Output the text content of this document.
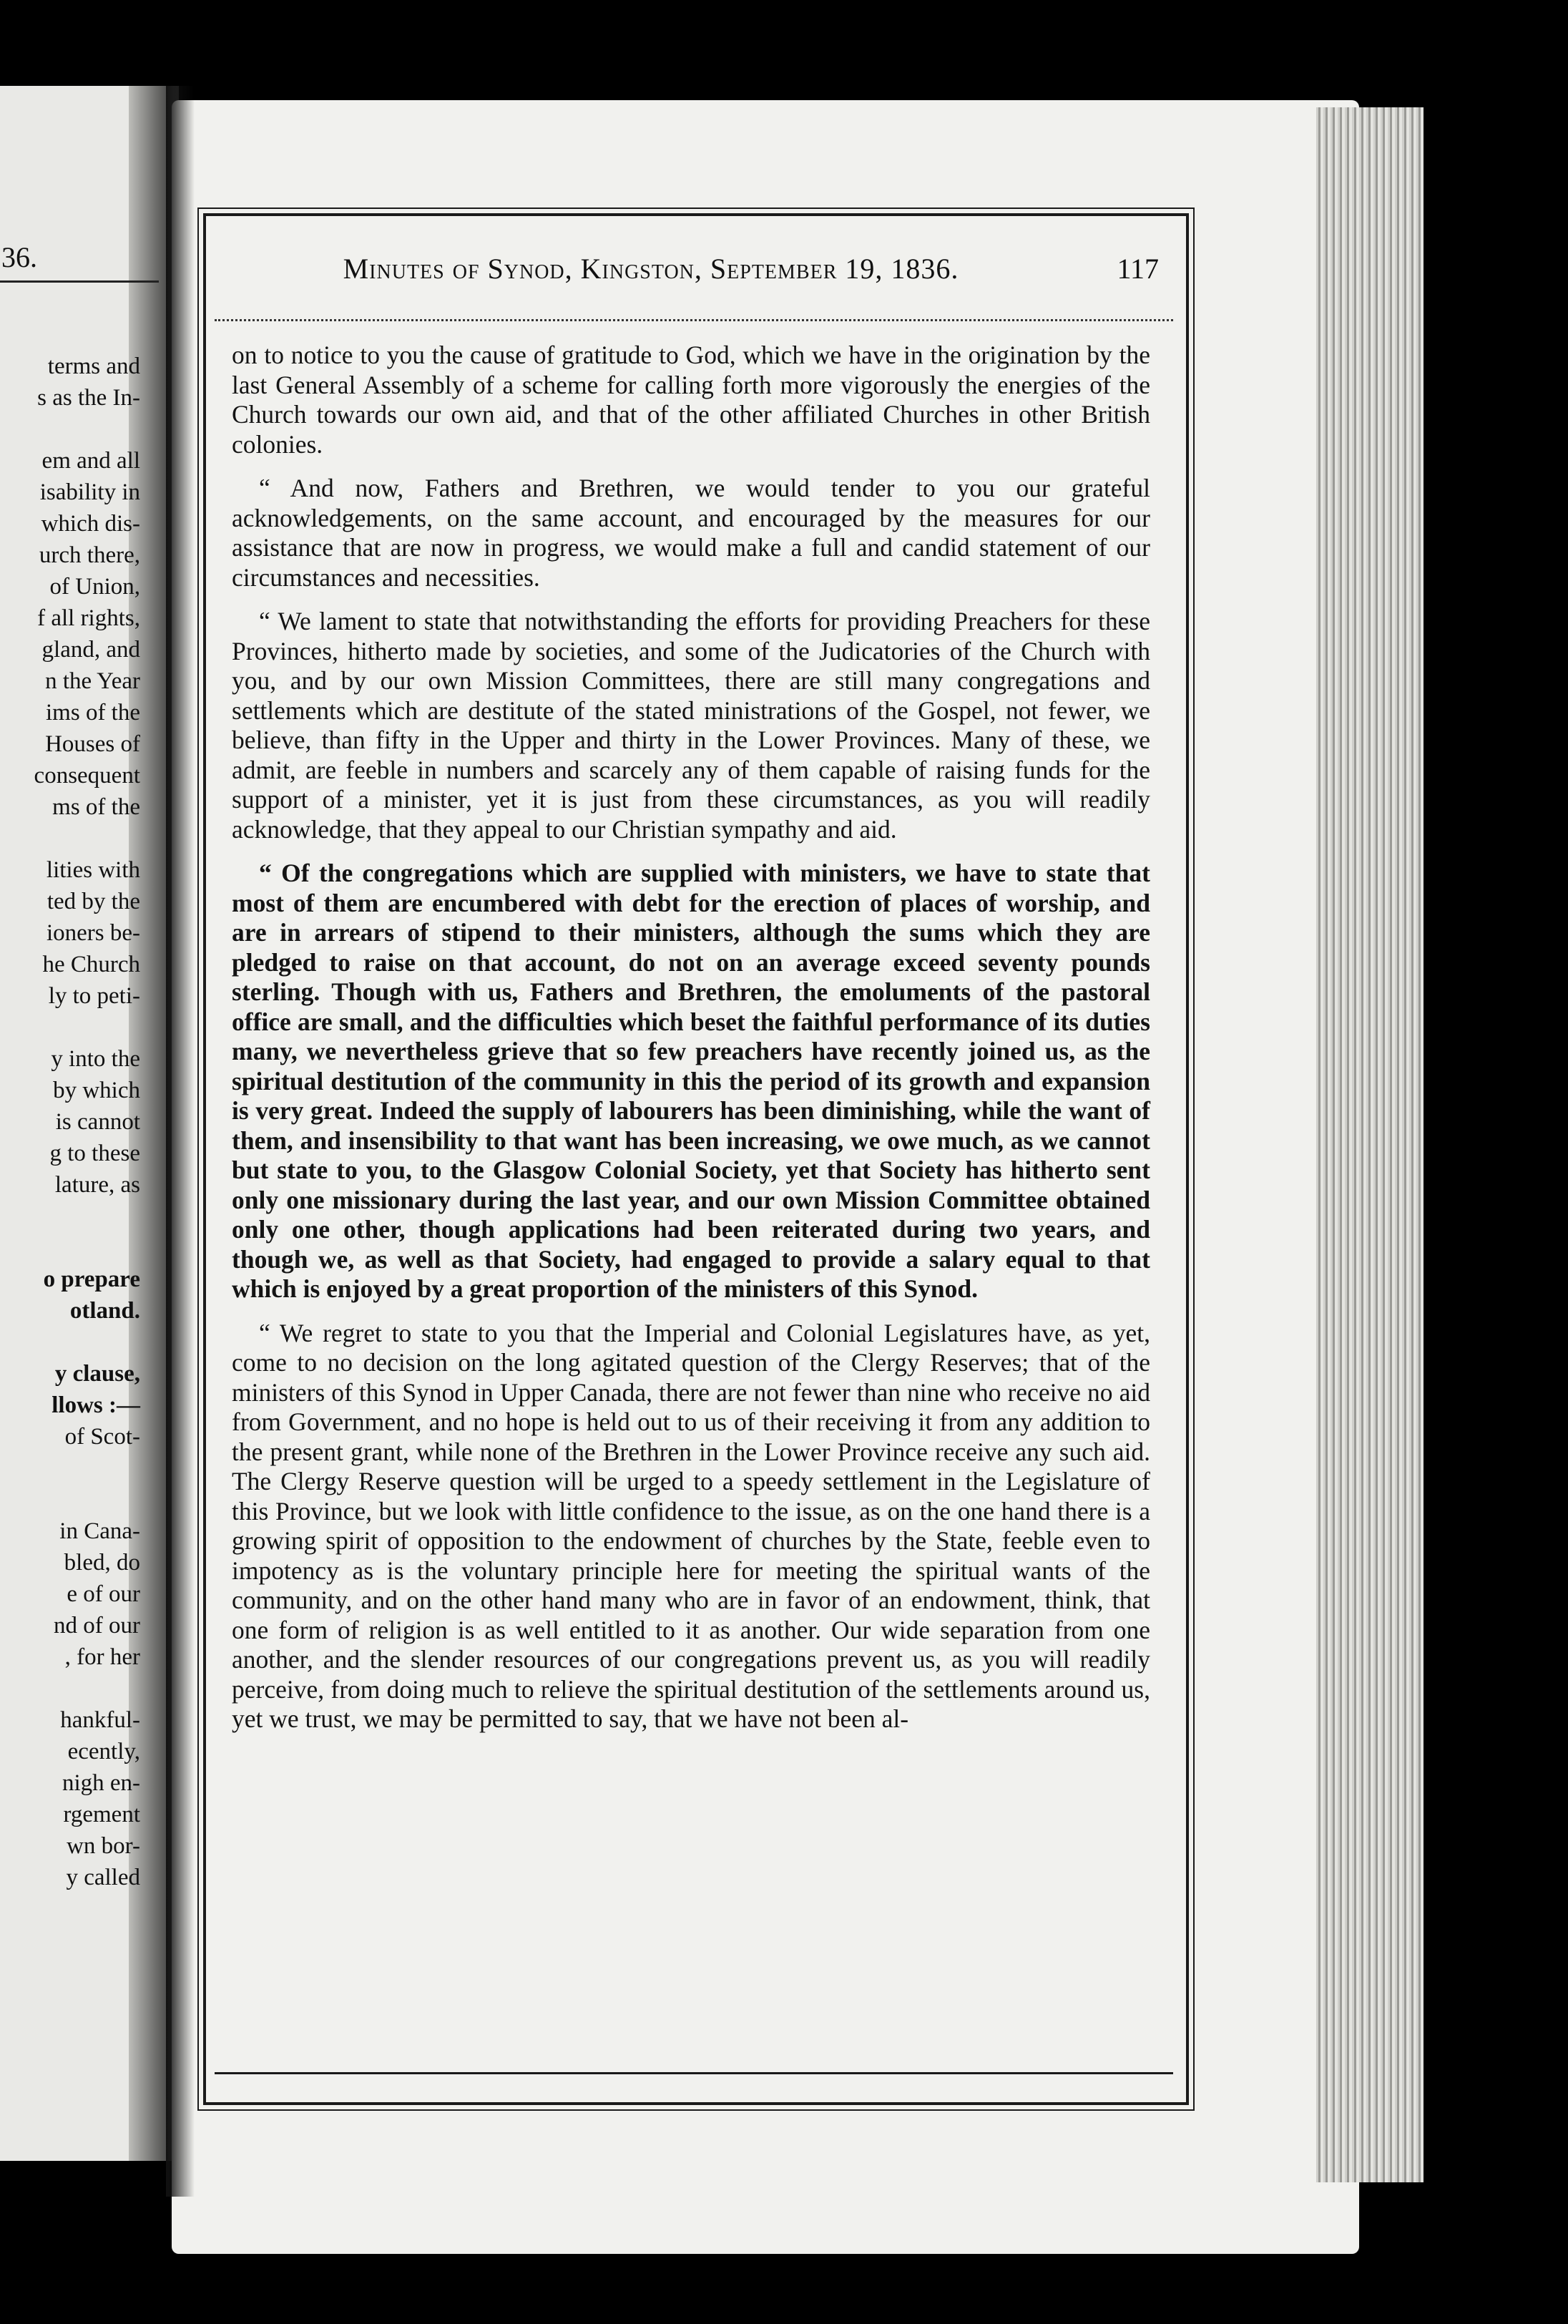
36.
terms and
s as the In-
em and all
isability in
which dis-
urch there,
of Union,
f all rights,
gland, and
n the Year
ims of the
Houses of
consequent
ms of the
lities with
ted by the
ioners be-
he Church
ly to peti-
y into the
by which
is cannot
g to these
lature, as
o prepare
otland.
y clause,
llows :—
of Scot-
in Cana-
bled, do
e of our
nd of our
, for her
hankful-
ecently,
nigh en-
rgement
wn bor-
y called
Minutes of Synod, Kingston, September 19, 1836.	117

on to notice to you the cause of gratitude to God, which we have in the origination by the last General Assembly of a scheme for calling forth more vigorously the energies of the Church towards our own aid, and that of the other affiliated Churches in other British colonies.

“ And now, Fathers and Brethren, we would tender to you our grateful acknowledgements, on the same account, and encouraged by the measures for our assistance that are now in progress, we would make a full and candid statement of our circumstances and necessities.

“ We lament to state that notwithstanding the efforts for providing Preachers for these Provinces, hitherto made by societies, and some of the Judicatories of the Church with you, and by our own Mission Committees, there are still many congregations and settlements which are destitute of the stated ministrations of the Gospel, not fewer, we believe, than fifty in the Upper and thirty in the Lower Provinces. Many of these, we admit, are feeble in numbers and scarcely any of them capable of raising funds for the support of a minister, yet it is just from these circumstances, as you will readily acknowledge, that they appeal to our Christian sympathy and aid.

“ Of the congregations which are supplied with ministers, we have to state that most of them are encumbered with debt for the erection of places of worship, and are in arrears of stipend to their ministers, although the sums which they are pledged to raise on that account, do not on an average exceed seventy pounds sterling. Though with us, Fathers and Brethren, the emoluments of the pastoral office are small, and the difficulties which beset the faithful performance of its duties many, we nevertheless grieve that so few preachers have recently joined us, as the spiritual destitution of the community in this the period of its growth and expansion is very great. Indeed the supply of labourers has been diminishing, while the want of them, and insensibility to that want has been increasing, we owe much, as we cannot but state to you, to the Glasgow Colonial Society, yet that Society has hitherto sent only one missionary during the last year, and our own Mission Committee obtained only one other, though applications had been reiterated during two years, and though we, as well as that Society, had engaged to provide a salary equal to that which is enjoyed by a great proportion of the ministers of this Synod.

“ We regret to state to you that the Imperial and Colonial Legislatures have, as yet, come to no decision on the long agitated question of the Clergy Reserves; that of the ministers of this Synod in Upper Canada, there are not fewer than nine who receive no aid from Government, and no hope is held out to us of their receiving it from any addition to the present grant, while none of the Brethren in the Lower Province receive any such aid. The Clergy Reserve question will be urged to a speedy settlement in the Legislature of this Province, but we look with little confidence to the issue, as on the one hand there is a growing spirit of opposition to the endowment of churches by the State, feeble even to impotency as is the voluntary principle here for meeting the spiritual wants of the community, and on the other hand many who are in favor of an endowment, think, that one form of religion is as well entitled to it as another. Our wide separation from one another, and the slender resources of our congregations prevent us, as you will readily perceive, from doing much to relieve the spiritual destitution of the settlements around us, yet we trust, we may be permitted to say, that we have not been al-
